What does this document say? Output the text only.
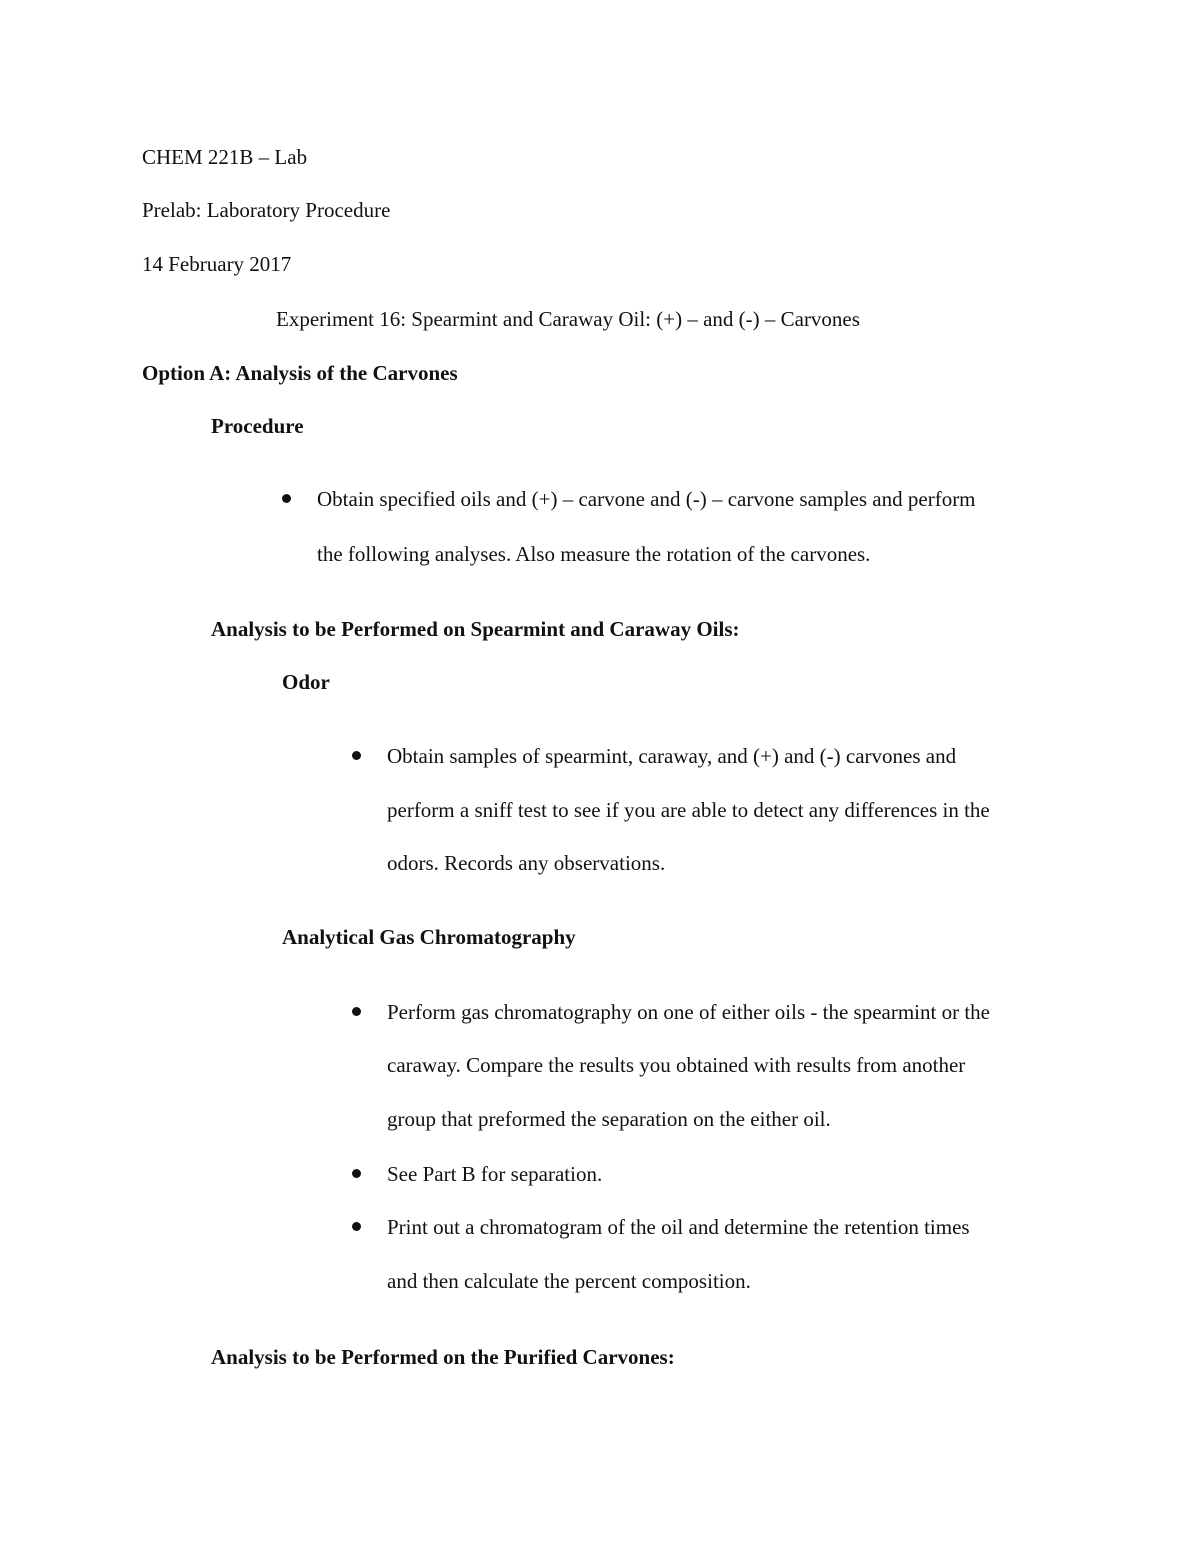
CHEM 221B – Lab
Prelab: Laboratory Procedure
14 February 2017
Experiment 16: Spearmint and Caraway Oil: (+) – and (-) – Carvones
Option A: Analysis of the Carvones
Procedure
Obtain specified oils and (+) – carvone and (-) – carvone samples and perform
the following analyses. Also measure the rotation of the carvones.
Analysis to be Performed on Spearmint and Caraway Oils:
Odor
Obtain samples of spearmint, caraway, and (+) and (-) carvones and
perform a sniff test to see if you are able to detect any differences in the
odors. Records any observations.
Analytical Gas Chromatography
Perform gas chromatography on one of either oils - the spearmint or the
caraway. Compare the results you obtained with results from another
group that preformed the separation on the either oil.
See Part B for separation.
Print out a chromatogram of the oil and determine the retention times
and then calculate the percent composition.
Analysis to be Performed on the Purified Carvones:
